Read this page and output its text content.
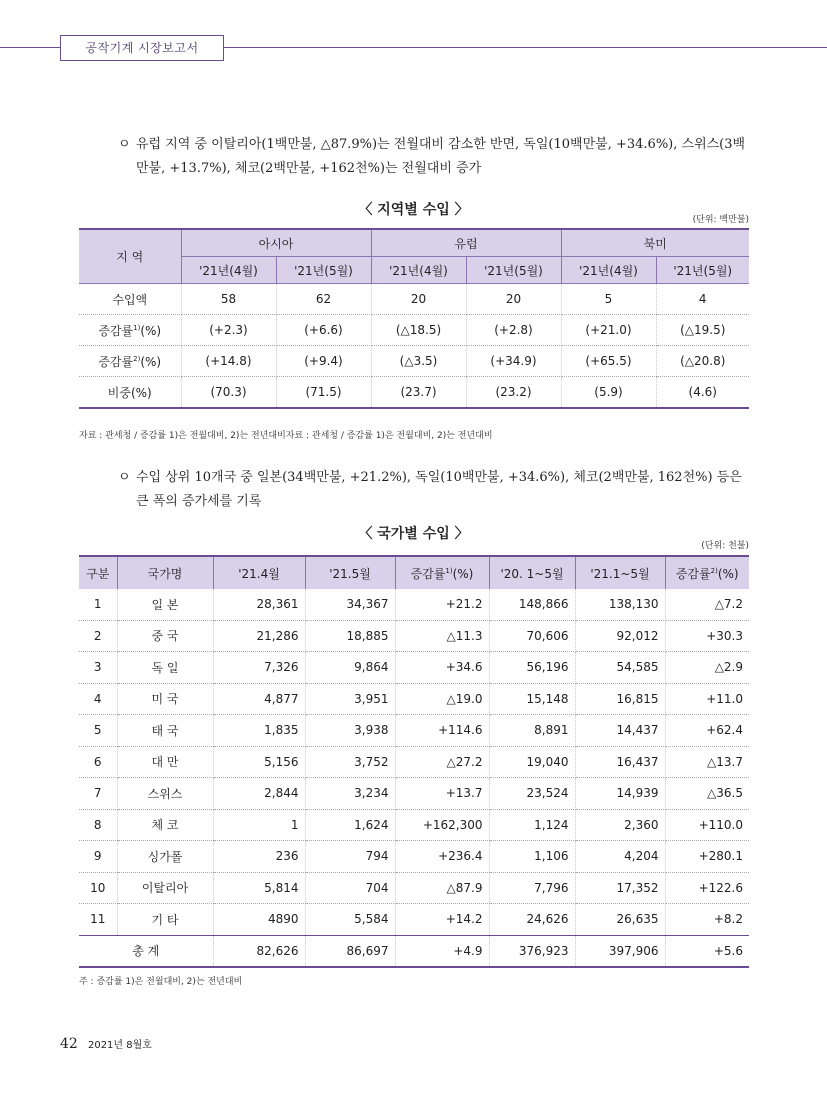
공작기계 시장보고서
ㅇ 유럽 지역 중 이탈리아(1백만불, △87.9%)는 전월대비 감소한 반면, 독일(10백만불, +34.6%), 스위스(3백만불, +13.7%), 체코(2백만불, +162천%)는 전월대비 증가
〈 지역별 수입 〉
(단위: 백만불)
지 역	아시아		유럽		북미	
	'21년(4월)	'21년(5월)	'21년(4월)	'21년(5월)	'21년(4월)	'21년(5월)
수입액	58	62	20	20	5	4
증감률$^{1)}$(%)	(+2.3)	(+6.6)	(△18.5)	(+2.8)	(+21.0)	(△19.5)
증감률$^{2)}$(%)	(+14.8)	(+9.4)	(△3.5)	(+34.9)	(+65.5)	(△20.8)
비중(%)	(70.3)	(71.5)	(23.7)	(23.2)	(5.9)	(4.6)
자료 : 관세청 / 증감률 1)은 전월대비, 2)는 전년대비자료 : 관세청 / 증감률 1)은 전월대비, 2)는 전년대비
ㅇ 수입 상위 10개국 중 일본(34백만불, +21.2%), 독일(10백만불, +34.6%), 체코(2백만불, 162천%) 등은 큰 폭의 증가세를 기록
〈 국가별 수입 〉
(단위: 천불)
구분	국가명	'21.4월	'21.5월	증감률$^{1)}$(%)	'20. 1~5월	'21.1~5월	증감률$^{2)}$(%)
1	일 본	28,361	34,367	+21.2	148,866	138,130	△7.2
2	중 국	21,286	18,885	△11.3	70,606	92,012	+30.3
3	독 일	7,326	9,864	+34.6	56,196	54,585	△2.9
4	미 국	4,877	3,951	△19.0	15,148	16,815	+11.0
5	태 국	1,835	3,938	+114.6	8,891	14,437	+62.4
6	대 만	5,156	3,752	△27.2	19,040	16,437	△13.7
7	스위스	2,844	3,234	+13.7	23,524	14,939	△36.5
8	체 코	1	1,624	+162,300	1,124	2,360	+110.0
9	싱가폴	236	794	+236.4	1,106	4,204	+280.1
10	이탈리아	5,814	704	△87.9	7,796	17,352	+122.6
11	기 타	4890	5,584	+14.2	24,626	26,635	+8.2
총 계		82,626	86,697	+4.9	376,923	397,906	+5.6
주 : 증감률 1)은 전월대비, 2)는 전년대비
42 2021년 8월호
